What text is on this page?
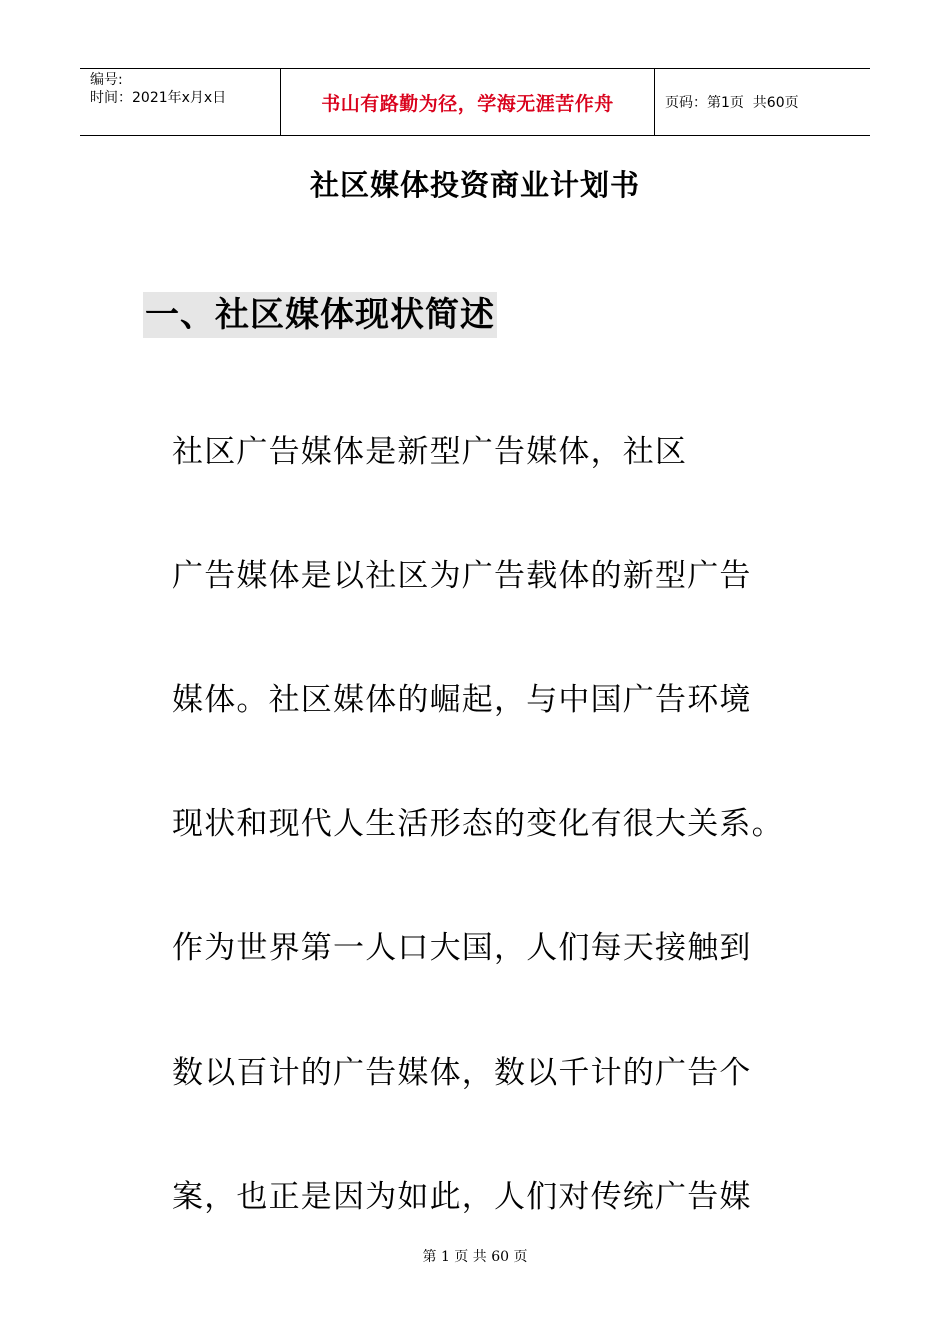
编号:
时间：2021年x月x日	书山有路勤为径，学海无涯苦作舟	页码：第1页  共60页
社区媒体投资商业计划书
一、社区媒体现状简述
社区广告媒体是新型广告媒体，社区
广告媒体是以社区为广告载体的新型广告
媒体。社区媒体的崛起，与中国广告环境
现状和现代人生活形态的变化有很大关系。
作为世界第一人口大国，人们每天接触到
数以百计的广告媒体，数以千计的广告个
案，也正是因为如此，人们对传统广告媒
第 1 页 共 60 页
